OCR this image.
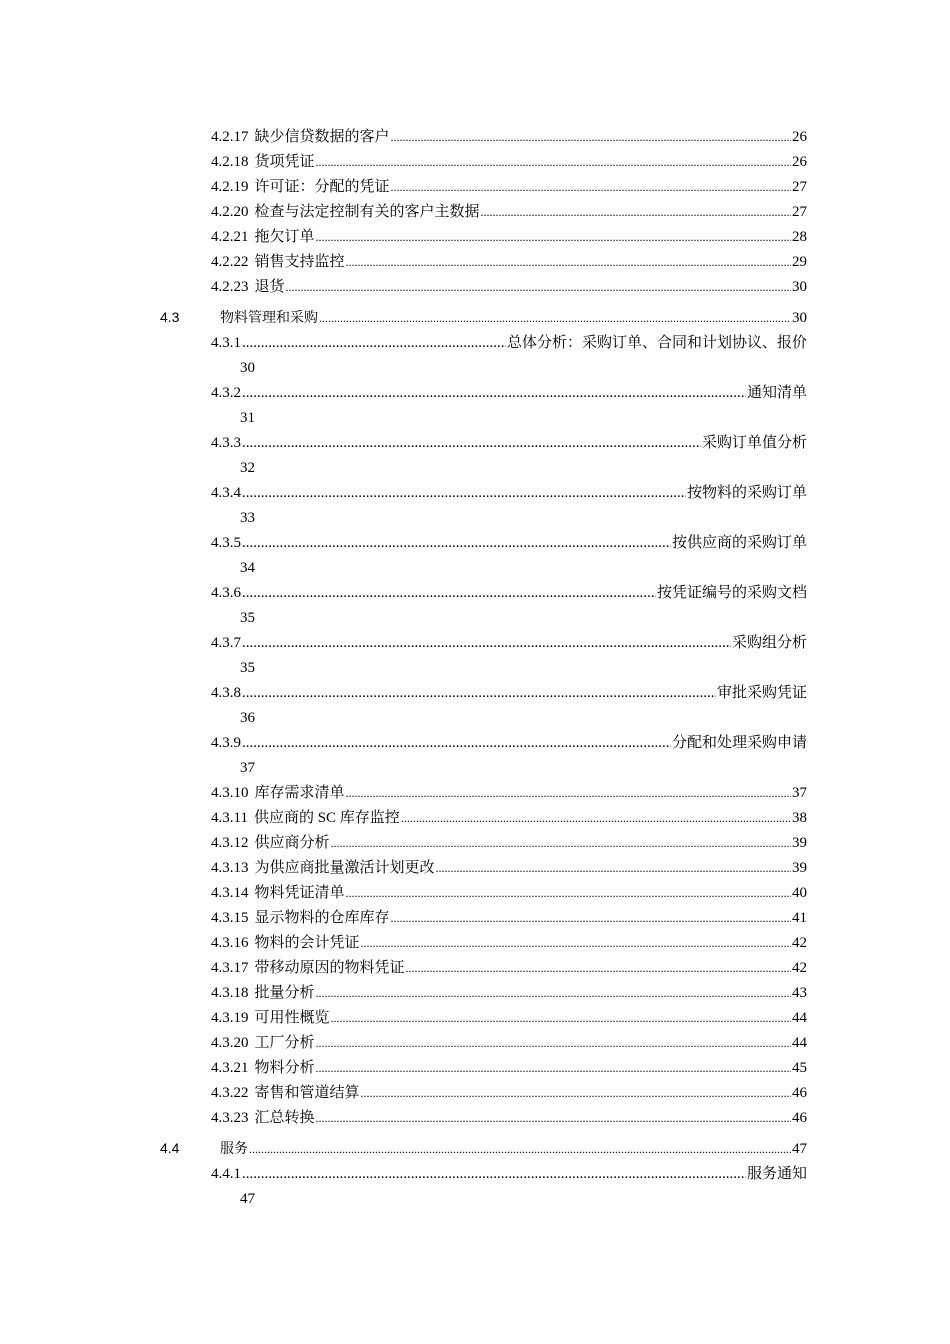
4.2.17 缺少信贷数据的客户 .....	26
4.2.18 货项凭证 .....	26
4.2.19 许可证：分配的凭证 .....	27
4.2.20 检查与法定控制有关的客户主数据 .....	27
4.2.21 拖欠订单 .....	28
4.2.22 销售支持监控 .....	29
4.2.23 退货 .....	30
4.3	物料管理和采购 .....	30
4.3.1 .....	总体分析：采购订单、合同和计划协议、报价
30
4.3.2 .....	通知清单
31
4.3.3 .....	采购订单值分析
32
4.3.4 .....	按物料的采购订单
33
4.3.5 .....	按供应商的采购订单
34
4.3.6 .....	按凭证编号的采购文档
35
4.3.7 .....	采购组分析
35
4.3.8 .....	审批采购凭证
36
4.3.9 .....	分配和处理采购申请
37
4.3.10 库存需求清单 .....	37
4.3.11 供应商的 SC 库存监控 .....	38
4.3.12 供应商分析 .....	39
4.3.13 为供应商批量激活计划更改 .....	39
4.3.14 物料凭证清单 .....	40
4.3.15 显示物料的仓库库存 .....	41
4.3.16 物料的会计凭证 .....	42
4.3.17 带移动原因的物料凭证 .....	42
4.3.18 批量分析 .....	43
4.3.19 可用性概览 .....	44
4.3.20 工厂分析 .....	44
4.3.21 物料分析 .....	45
4.3.22 寄售和管道结算 .....	46
4.3.23 汇总转换 .....	46
4.4	服务 .....	47
4.4.1 .....	服务通知
47
